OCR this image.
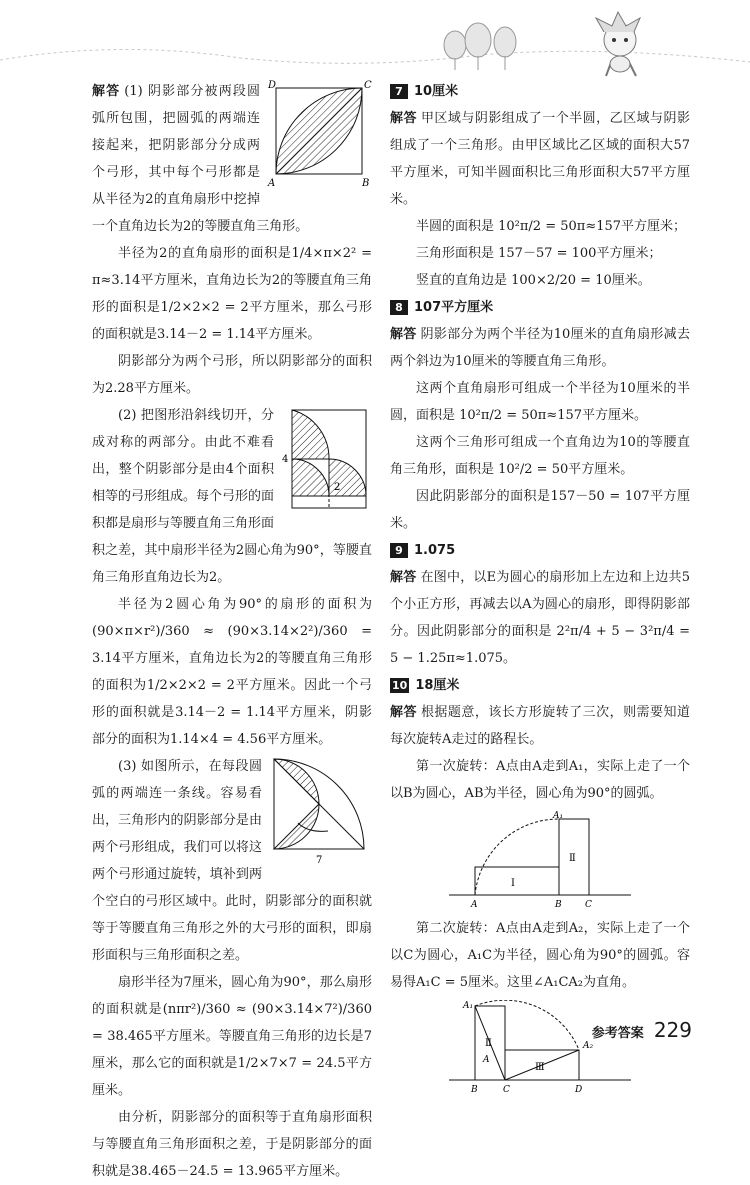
D	C
A	B

解答 (1) 阴影部分被两段圆弧所包围，把圆弧的两端连接起来，把阴影部分分成两个弓形，其中每个弓形都是从半径为2的直角扇形中挖掉一个直角边长为2的等腰直角三角形。

半径为2的直角扇形的面积是1/4×π×2² = π≈3.14平方厘米，直角边长为2的等腰直角三角形的面积是1/2×2×2 = 2平方厘米，那么弓形的面积就是3.14－2 = 1.14平方厘米。

阴影部分为两个弓形，所以阴影部分的面积为2.28平方厘米。

4
2

(2) 把图形沿斜线切开，分成对称的两部分。由此不难看出，整个阴影部分是由4个面积相等的弓形组成。每个弓形的面积都是扇形与等腰直角三角形面积之差，其中扇形半径为2圆心角为90°，等腰直角三角形直角边长为2。

半径为2圆心角为90°的扇形的面积为(90×π×r²)/360 ≈ (90×3.14×2²)/360 = 3.14平方厘米，直角边长为2的等腰直角三角形的面积为1/2×2×2 = 2平方厘米。因此一个弓形的面积就是3.14－2 = 1.14平方厘米，阴影部分的面积为1.14×4 = 4.56平方厘米。

7

(3) 如图所示，在每段圆弧的两端连一条线。容易看出，三角形内的阴影部分是由两个弓形组成，我们可以将这两个弓形通过旋转，填补到两个空白的弓形区域中。此时，阴影部分的面积就等于等腰直角三角形之外的大弓形的面积，即扇形面积与三角形面积之差。

扇形半径为7厘米，圆心角为90°，那么扇形的面积就是(nπr²)/360 ≈ (90×3.14×7²)/360 = 38.465平方厘米。等腰直角三角形的边长是7厘米，那么它的面积就是1/2×7×7 = 24.5平方厘米。

由分析，阴影部分的面积等于直角扇形面积与等腰直角三角形面积之差，于是阴影部分的面积就是38.465－24.5 = 13.965平方厘米。

7 10厘米

解答 甲区域与阴影组成了一个半圆，乙区域与阴影组成了一个三角形。由甲区域比乙区域的面积大57平方厘米，可知半圆面积比三角形面积大57平方厘米。

半圆的面积是 10²π/2 = 50π≈157平方厘米；

三角形面积是 157－57 = 100平方厘米；

竖直的直角边是 100×2/20 = 10厘米。

8 107平方厘米

解答 阴影部分为两个半径为10厘米的直角扇形减去两个斜边为10厘米的等腰直角三角形。

这两个直角扇形可组成一个半径为10厘米的半圆，面积是 10²π/2 = 50π≈157平方厘米。

这两个三角形可组成一个直角边为10的等腰直角三角形，面积是 10²/2 = 50平方厘米。

因此阴影部分的面积是157－50 = 107平方厘米。

9 1.075

解答 在图中，以E为圆心的扇形加上左边和上边共5个小正方形，再减去以A为圆心的扇形，即得阴影部分。因此阴影部分的面积是 2²π/4 + 5 − 3²π/4 = 5 − 1.25π≈1.075。

10 18厘米

解答 根据题意，该长方形旋转了三次，则需要知道每次旋转A走过的路程长。

第一次旋转：A点由A走到A₁，实际上走了一个以B为圆心，AB为半径，圆心角为90°的圆弧。

A₁
Ⅰ
Ⅱ
A	B	C

第二次旋转：A点由A走到A₂，实际上走了一个以C为圆心，A₁C为半径，圆心角为90°的圆弧。容易得A₁C = 5厘米。这里∠A₁CA₂为直角。

A₁
Ⅱ
A
Ⅲ
A₂
B	C	D
参考答案 229
